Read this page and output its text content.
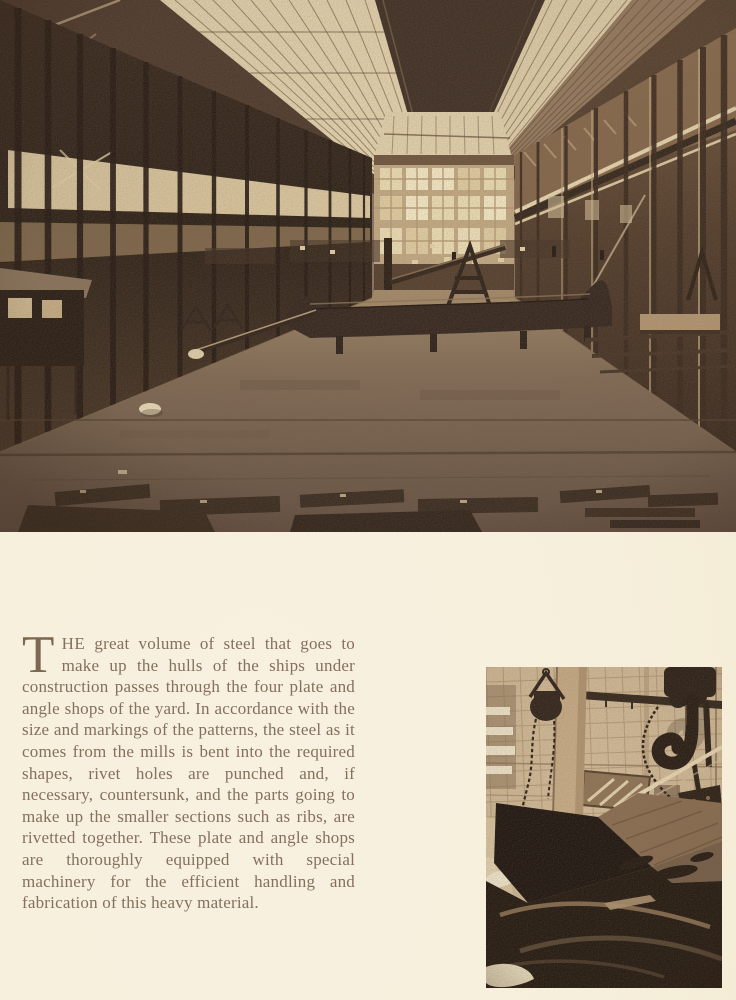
THE great volume of steel that goes to make up the hulls of the ships under construction passes through the four plate and angle shops of the yard. In accordance with the size and markings of the patterns, the steel as it comes from the mills is bent into the required shapes, rivet holes are punched and, if necessary, countersunk, and the parts going to make up the smaller sections such as ribs, are rivetted together. These plate and angle shops are thoroughly equipped with special machinery for the efficient handling and fabrication of this heavy material.
